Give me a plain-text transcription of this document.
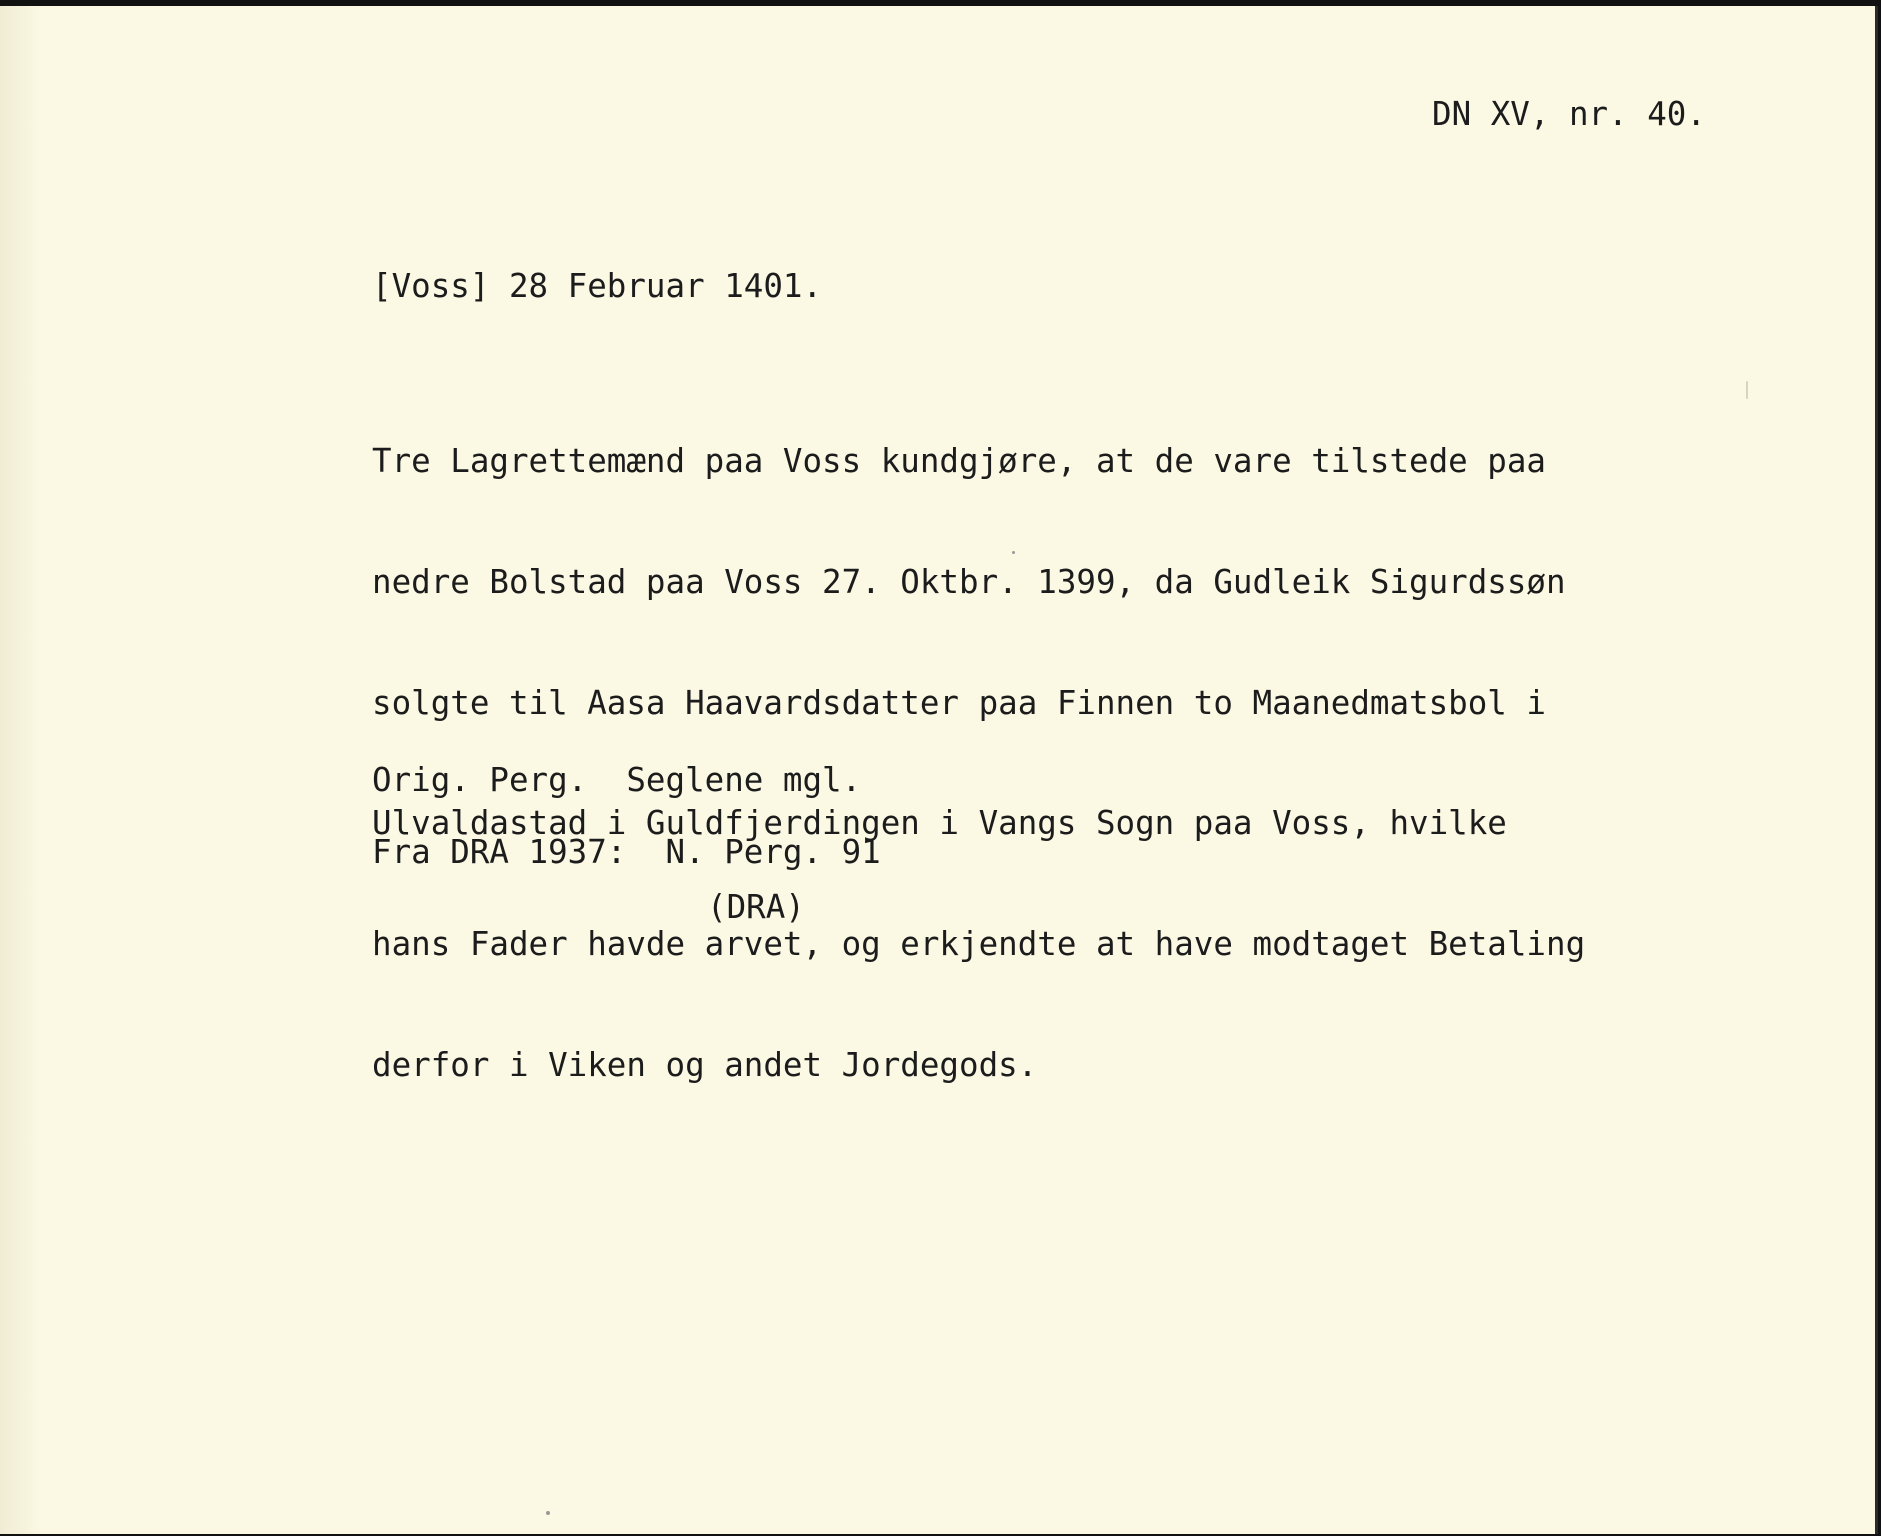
DN XV, nr. 40.
[Voss] 28 Februar 1401.

Tre Lagrettemænd paa Voss kundgjøre, at de vare tilstede paa

nedre Bolstad paa Voss 27. Oktbr. 1399, da Gudleik Sigurdssøn

solgte til Aasa Haavardsdatter paa Finnen to Maanedmatsbol i

Ulvaldastad i Guldfjerdingen i Vangs Sogn paa Voss, hvilke

hans Fader havde arvet, og erkjendte at have modtaget Betaling

derfor i Viken og andet Jordegods.

Orig. Perg.  Seglene mgl.
Fra DRA 1937:  N. Perg. 91
(DRA)
